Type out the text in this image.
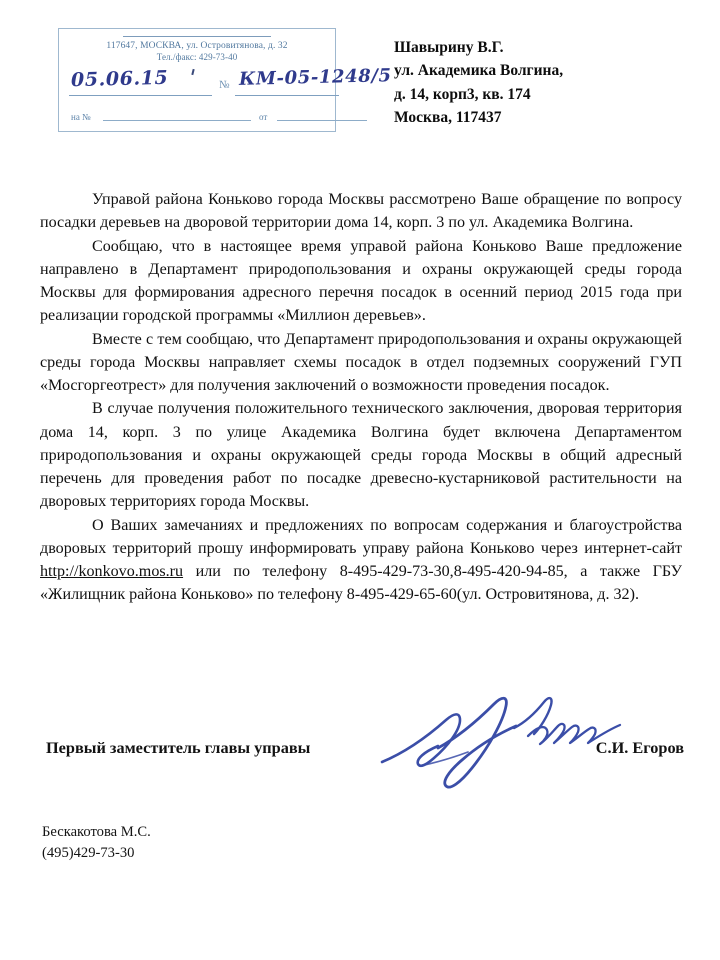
117647, МОСКВА, ул. Островитянова, д. 32
Тел./факс: 429-73-40
05.06.15	№ КМ-05-1248/5
на №	от
Шавырину В.Г.
ул. Академика Волгина,
д. 14, корп3, кв. 174
Москва, 117437

Управой района Коньково города Москвы рассмотрено Ваше обращение по вопросу посадки деревьев на дворовой территории дома 14, корп. 3 по ул. Академика Волгина.

Сообщаю, что в настоящее время управой района Коньково Ваше предложение направлено в Департамент природопользования и охраны окружающей среды города Москвы для формирования адресного перечня посадок в осенний период 2015 года при реализации городской программы «Миллион деревьев».

Вместе с тем сообщаю, что Департамент природопользования и охраны окружающей среды города Москвы направляет схемы посадок в отдел подземных сооружений ГУП «Мосгоргеотрест» для получения заключений о возможности проведения посадок.

В случае получения положительного технического заключения, дворовая территория дома 14, корп. 3 по улице Академика Волгина будет включена Департаментом природопользования и охраны окружающей среды города Москвы в общий адресный перечень для проведения работ по посадке древесно-кустарниковой растительности на дворовых территориях города Москвы.

О Ваших замечаниях и предложениях по вопросам содержания и благоустройства дворовых территорий прошу информировать управу района Коньково через интернет-сайт http://konkovo.mos.ru или по телефону 8-495-429-73-30,8-495-420-94-85, а также ГБУ «Жилищник района Коньково» по телефону 8-495-429-65-60(ул. Островитянова, д. 32).

Первый заместитель главы управы	С.И. Егоров
Бескакотова М.С.
(495)429-73-30
